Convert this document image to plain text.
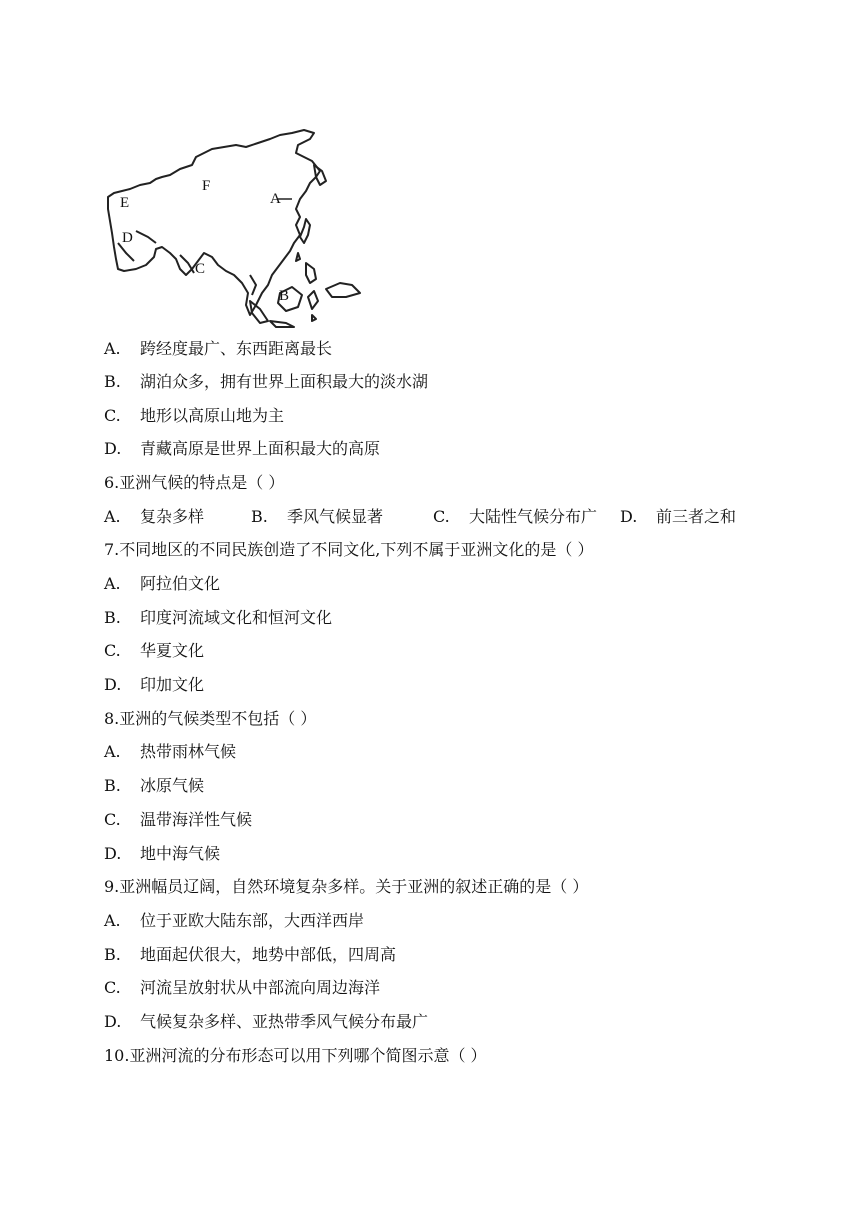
F
A
E
D
C
B
A. 跨经度最广、东西距离最长
B. 湖泊众多，拥有世界上面积最大的淡水湖
C. 地形以高原山地为主
D. 青藏高原是世界上面积最大的高原
6.亚洲气候的特点是（ ）
A. 复杂多样	B. 季风气候显著	C. 大陆性气候分布广 D. 前三者之和
7.不同地区的不同民族创造了不同文化,下列不属于亚洲文化的是（ ）
A. 阿拉伯文化
B. 印度河流域文化和恒河文化
C. 华夏文化
D. 印加文化
8.亚洲的气候类型不包括（ ）
A. 热带雨林气候
B. 冰原气候
C. 温带海洋性气候
D. 地中海气候
9.亚洲幅员辽阔，自然环境复杂多样。关于亚洲的叙述正确的是（ ）
A. 位于亚欧大陆东部，大西洋西岸
B. 地面起伏很大，地势中部低，四周高
C. 河流呈放射状从中部流向周边海洋
D. 气候复杂多样、亚热带季风气候分布最广
10.亚洲河流的分布形态可以用下列哪个简图示意（ ）
